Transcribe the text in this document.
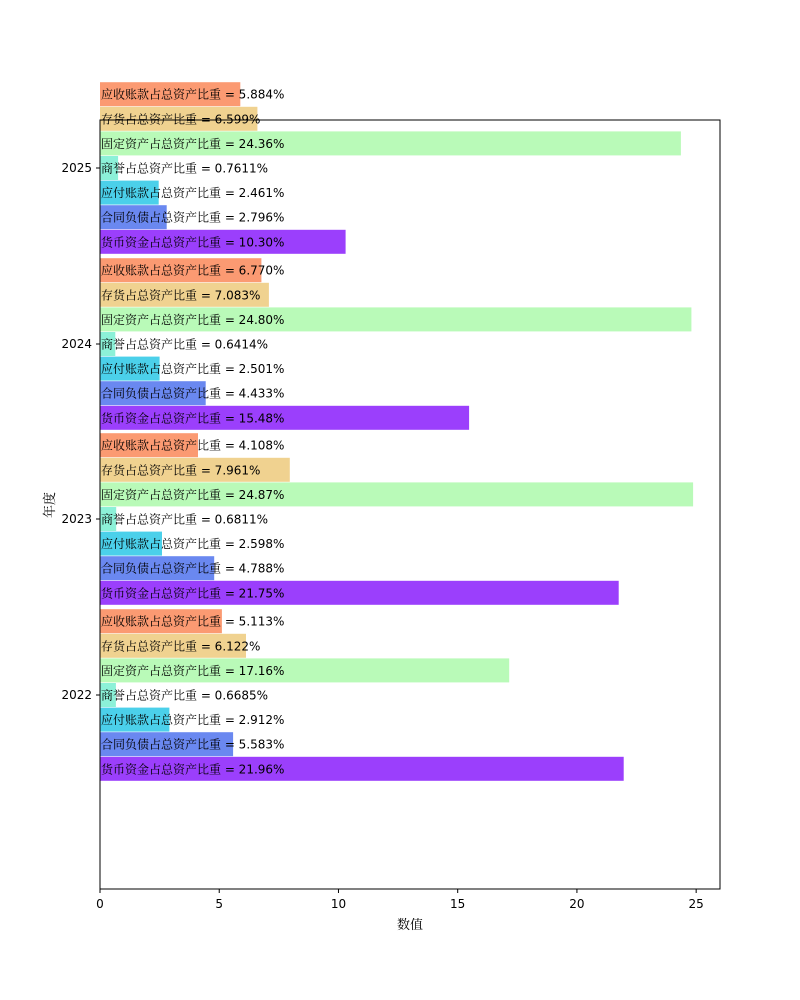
货币资金占总资产比重 = 21.96%
合同负债占总资产比重 = 5.583%
应付账款占总资产比重 = 2.912%
商誉占总资产比重 = 0.6685%
固定资产占总资产比重 = 17.16%
存货占总资产比重 = 6.122%
应收账款占总资产比重 = 5.113%
货币资金占总资产比重 = 21.75%
合同负债占总资产比重 = 4.788%
应付账款占总资产比重 = 2.598%
商誉占总资产比重 = 0.6811%
固定资产占总资产比重 = 24.87%
存货占总资产比重 = 7.961%
应收账款占总资产比重 = 4.108%
货币资金占总资产比重 = 15.48%
合同负债占总资产比重 = 4.433%
应付账款占总资产比重 = 2.501%
商誉占总资产比重 = 0.6414%
固定资产占总资产比重 = 24.80%
存货占总资产比重 = 7.083%
应收账款占总资产比重 = 6.770%
货币资金占总资产比重 = 10.30%
合同负债占总资产比重 = 2.796%
应付账款占总资产比重 = 2.461%
商誉占总资产比重 = 0.7611%
固定资产占总资产比重 = 24.36%
存货占总资产比重 = 6.599%
应收账款占总资产比重 = 5.884%
0	5	10	15	20	25
2022
2023
2024
2025
数值
年度
